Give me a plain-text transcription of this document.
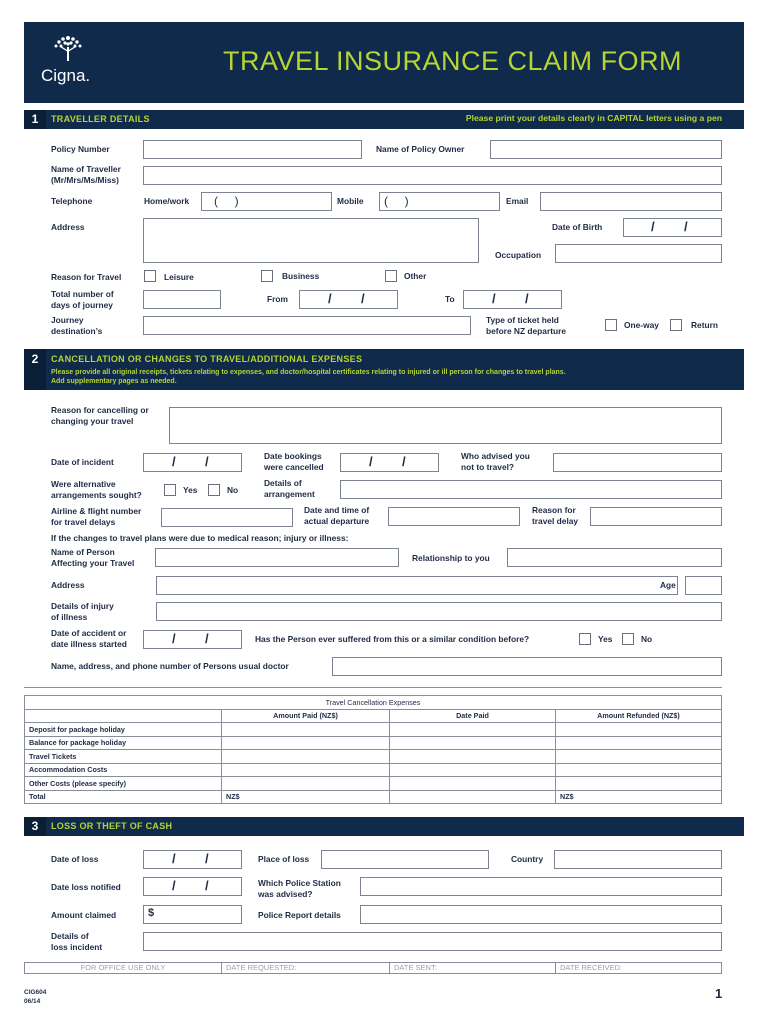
Cigna.	TRAVEL INSURANCE CLAIM FORM
1	TRAVELLER DETAILS	Please print your details clearly in CAPITAL letters using a pen
Policy Number	Name of Policy Owner
Name of Traveller
(Mr/Mrs/Ms/Miss)
Telephone	Home/work (     )	Mobile (     )	Email
Address	Date of Birth	/ /
Occupation
Reason for Travel	Leisure	Business	Other
Total number of
days of journey
From	/ /	To	/ /
Journey
destination’s
Type of ticket held
before NZ departure
One-way	Return
2	CANCELLATION OR CHANGES TO TRAVEL/ADDITIONAL EXPENSES
Please provide all original receipts, tickets relating to expenses, and doctor/hospital certificates relating to injured or ill person for changes to travel plans.
Add supplementary pages as needed.
Reason for cancelling or
changing your travel
Date of incident	/ /	Date bookings
were cancelled	/ /	Who advised you
not to travel?
Were alternative
arrangements sought?	Yes	No
Details of
arrangement
Airline & flight number
for travel delays
Date and time of
actual departure
Reason for
travel delay
If the changes to travel plans were due to medical reason; injury or illness:
Name of Person
Affecting your Travel	Relationship to you
Address	Age
Details of injury
of illness
Date of accident or
date illness started	/ /	Has the Person ever suffered from this or a similar condition before?	Yes	No
Name, address, and phone number of Persons usual doctor
Travel Cancellation Expenses			
	Amount Paid (NZ$)	Date Paid	Amount Refunded (NZ$)
Deposit for package holiday			
Balance for package holiday			
Travel Tickets			
Accommodation Costs			
Other Costs (please specify)			
Total	NZ$		NZ$
3	LOSS OR THEFT OF CASH
Date of loss	/ /	Place of loss	Country
Date loss notified	/ /	Which Police Station
was advised?
Amount claimed	$	Police Report details
Details of
loss incident
FOR OFFICE USE ONLY	DATE REQUESTED:	DATE SENT:	DATE RECEIVED:
CIG604
06/14
1
